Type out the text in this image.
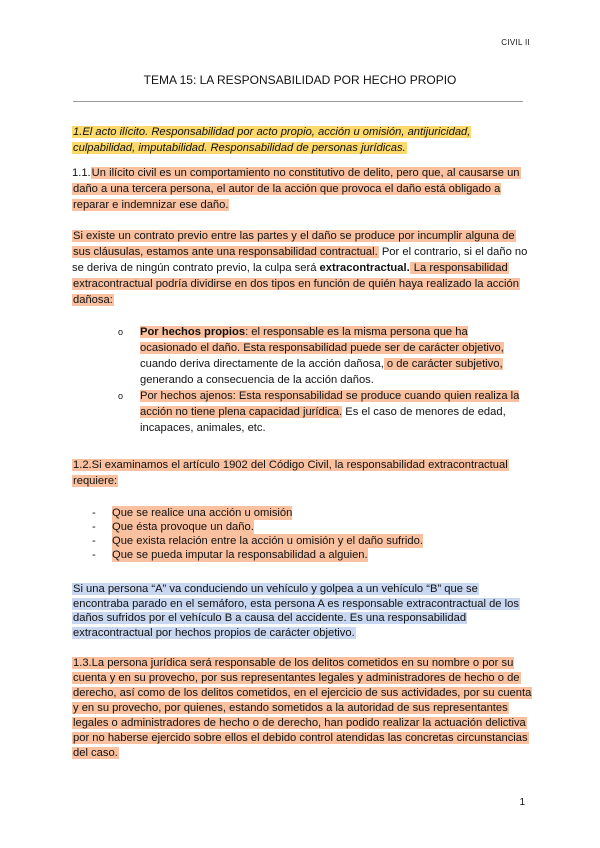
CIVIL II
TEMA 15: LA RESPONSABILIDAD POR HECHO PROPIO
1.El acto ilícito. Responsabilidad por acto propio, acción u omisión, antijuricidad, culpabilidad, imputabilidad. Responsabilidad de personas jurídicas.
1.1.Un ilícito civil es un comportamiento no constitutivo de delito, pero que, al causarse un daño a una tercera persona, el autor de la acción que provoca el daño está obligado a reparar e indemnizar ese daño.
Si existe un contrato previo entre las partes y el daño se produce por incumplir alguna de sus cláusulas, estamos ante una responsabilidad contractual. Por el contrario, si el daño no se deriva de ningún contrato previo, la culpa será extracontractual. La responsabilidad extracontractual podría dividirse en dos tipos en función de quién haya realizado la acción dañosa:
o	Por hechos propios: el responsable es la misma persona que ha ocasionado el daño. Esta responsabilidad puede ser de carácter objetivo, cuando deriva directamente de la acción dañosa, o de carácter subjetivo, generando a consecuencia de la acción daños.
o	Por hechos ajenos: Esta responsabilidad se produce cuando quien realiza la acción no tiene plena capacidad jurídica. Es el caso de menores de edad, incapaces, animales, etc.
1.2.Si examinamos el artículo 1902 del Código Civil, la responsabilidad extracontractual requiere:
-	Que se realice una acción u omisión
-	Que ésta provoque un daño.
-	Que exista relación entre la acción u omisión y el daño sufrido.
-	Que se pueda imputar la responsabilidad a alguien.
Si una persona “A” va conduciendo un vehículo y golpea a un vehículo “B” que se encontraba parado en el semáforo, esta persona A es responsable extracontractual de los daños sufridos por el vehículo B a causa del accidente. Es una responsabilidad extracontractual por hechos propios de carácter objetivo.
1.3.La persona jurídica será responsable de los delitos cometidos en su nombre o por su cuenta y en su provecho, por sus representantes legales y administradores de hecho o de derecho, así como de los delitos cometidos, en el ejercicio de sus actividades, por su cuenta y en su provecho, por quienes, estando sometidos a la autoridad de sus representantes legales o administradores de hecho o de derecho, han podido realizar la actuación delictiva por no haberse ejercido sobre ellos el debido control atendidas las concretas circunstancias del caso.
1
